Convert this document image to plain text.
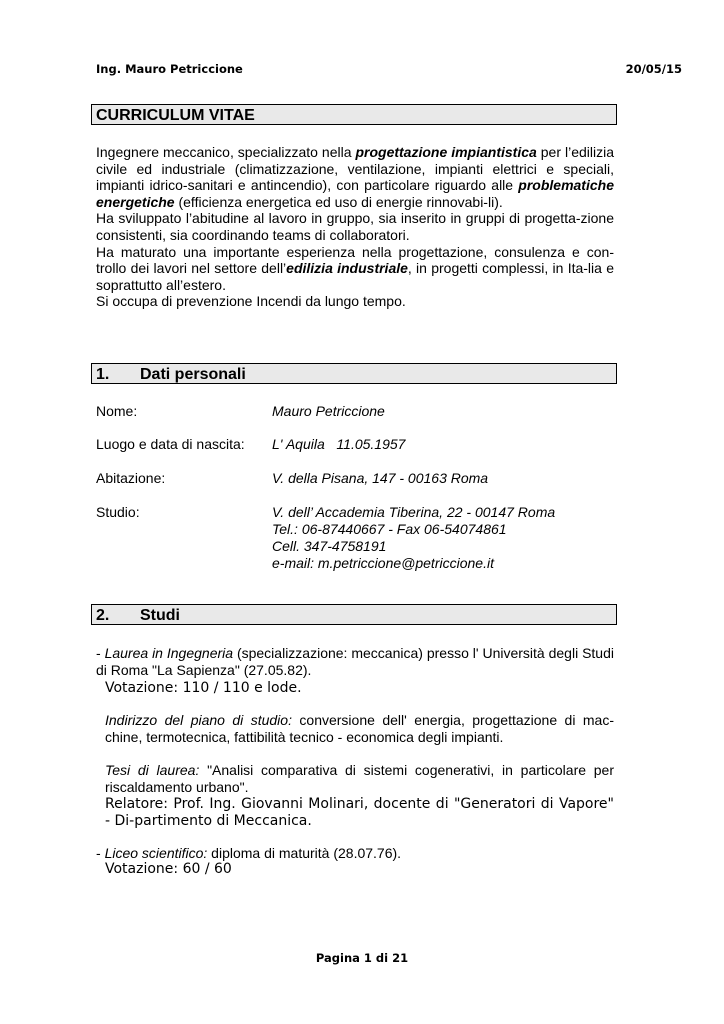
Ing. Mauro Petriccione	20/05/15
CURRICULUM VITAE
Ingegnere meccanico, specializzato nella progettazione impiantistica per l’edilizia civile ed industriale (climatizzazione, ventilazione, impianti elettrici e speciali, impianti idrico-sanitari e antincendio), con particolare riguardo alle problematiche energetiche (efficienza energetica ed uso di energie rinnovabi-li).
Ha sviluppato l’abitudine al lavoro in gruppo, sia inserito in gruppi di progetta-zione consistenti, sia coordinando teams di collaboratori.
Ha maturato una importante esperienza nella progettazione, consulenza e con-trollo dei lavori nel settore dell’edilizia industriale, in progetti complessi, in Ita-lia e soprattutto all’estero.
Si occupa di prevenzione Incendi da lungo tempo.
1. Dati personali
Nome:	Mauro Petriccione
Luogo e data di nascita: L' Aquila   11.05.1957
Abitazione:	V. della Pisana, 147 - 00163 Roma
Studio:	V. dell’ Accademia Tiberina, 22 - 00147 Roma
Tel.: 06-87440667 - Fax 06-54074861
Cell. 347-4758191
e-mail: m.petriccione@petriccione.it
2. Studi
- Laurea in Ingegneria (specializzazione: meccanica) presso l' Università degli Studi di Roma "La Sapienza" (27.05.82).
Votazione: 110 / 110 e lode.
Indirizzo del piano di studio: conversione dell' energia, progettazione di mac-chine, termotecnica, fattibilità tecnico - economica degli impianti.
Tesi di laurea: "Analisi comparativa di sistemi cogenerativi, in particolare per riscaldamento urbano".
Relatore: Prof. Ing. Giovanni Molinari, docente di "Generatori di Vapore" - Di-partimento di Meccanica.
- Liceo scientifico: diploma di maturità (28.07.76).
Votazione: 60 / 60
Pagina 1 di 21
